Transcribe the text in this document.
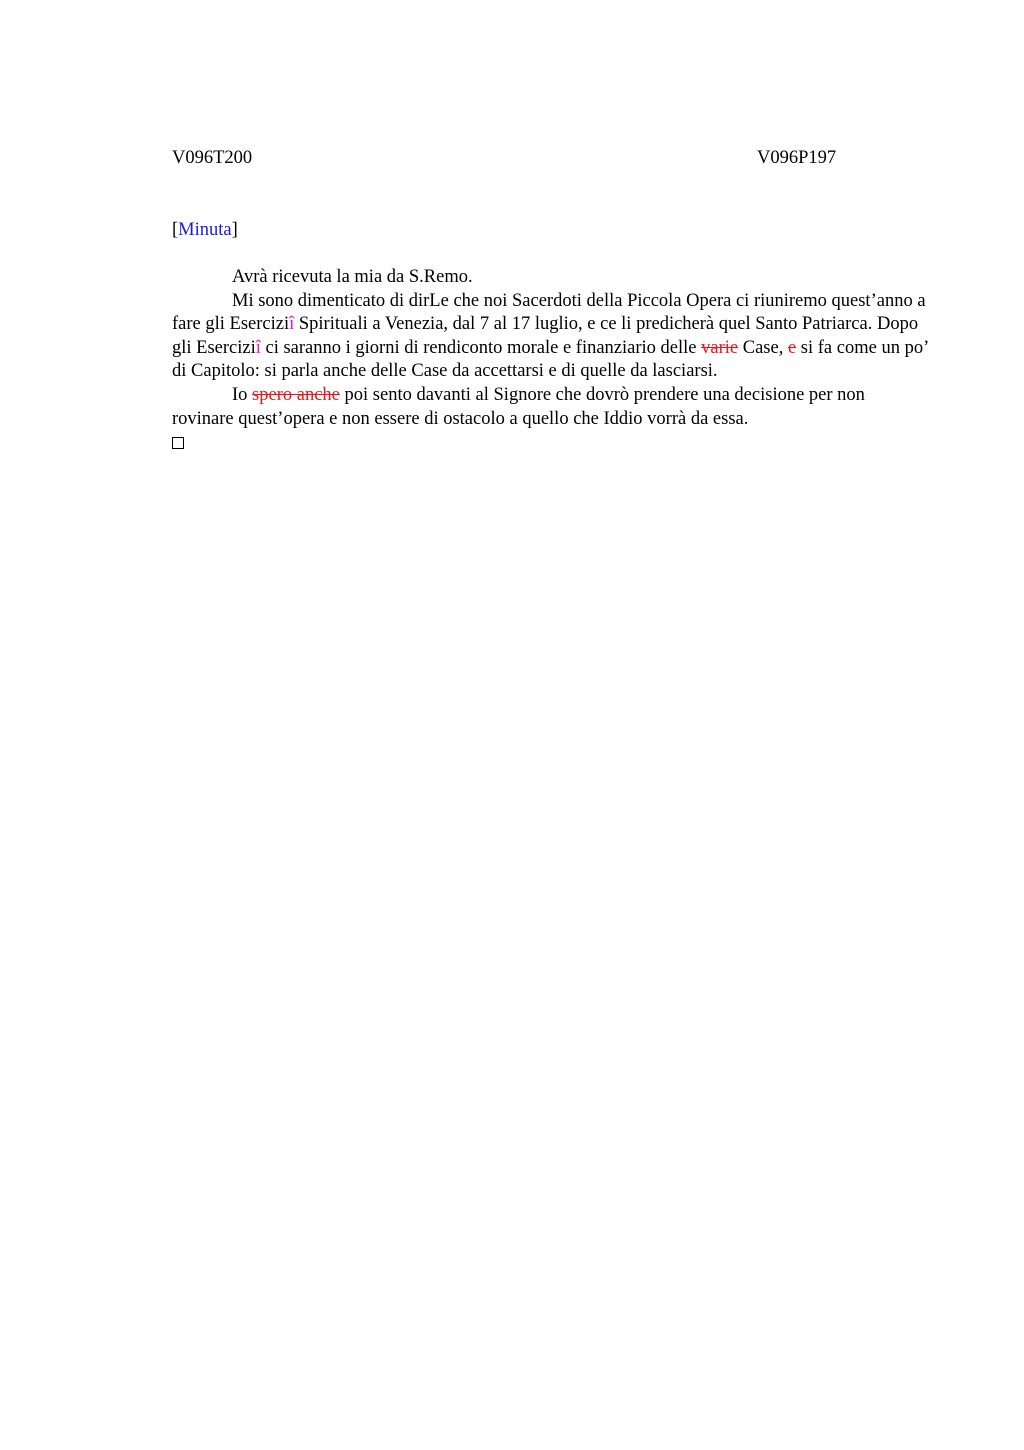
V096T200	V096P197
[Minuta]

Avrà ricevuta la mia da S.Remo.

Mi sono dimenticato di dirLe che noi Sacerdoti della Piccola Opera ci riuniremo quest’anno a fare gli Eserciziî Spirituali a Venezia, dal 7 al 17 luglio, e ce li predicherà quel Santo Patriarca. Dopo gli Eserciziî ci saranno i giorni di rendiconto morale e finanziario delle varie Case, e si fa come un po’ di Capitolo: si parla anche delle Case da accettarsi e di quelle da lasciarsi.

Io spero anche poi sento davanti al Signore che dovrò prendere una decisione per non rovinare quest’opera e non essere di ostacolo a quello che Iddio vorrà da essa.
